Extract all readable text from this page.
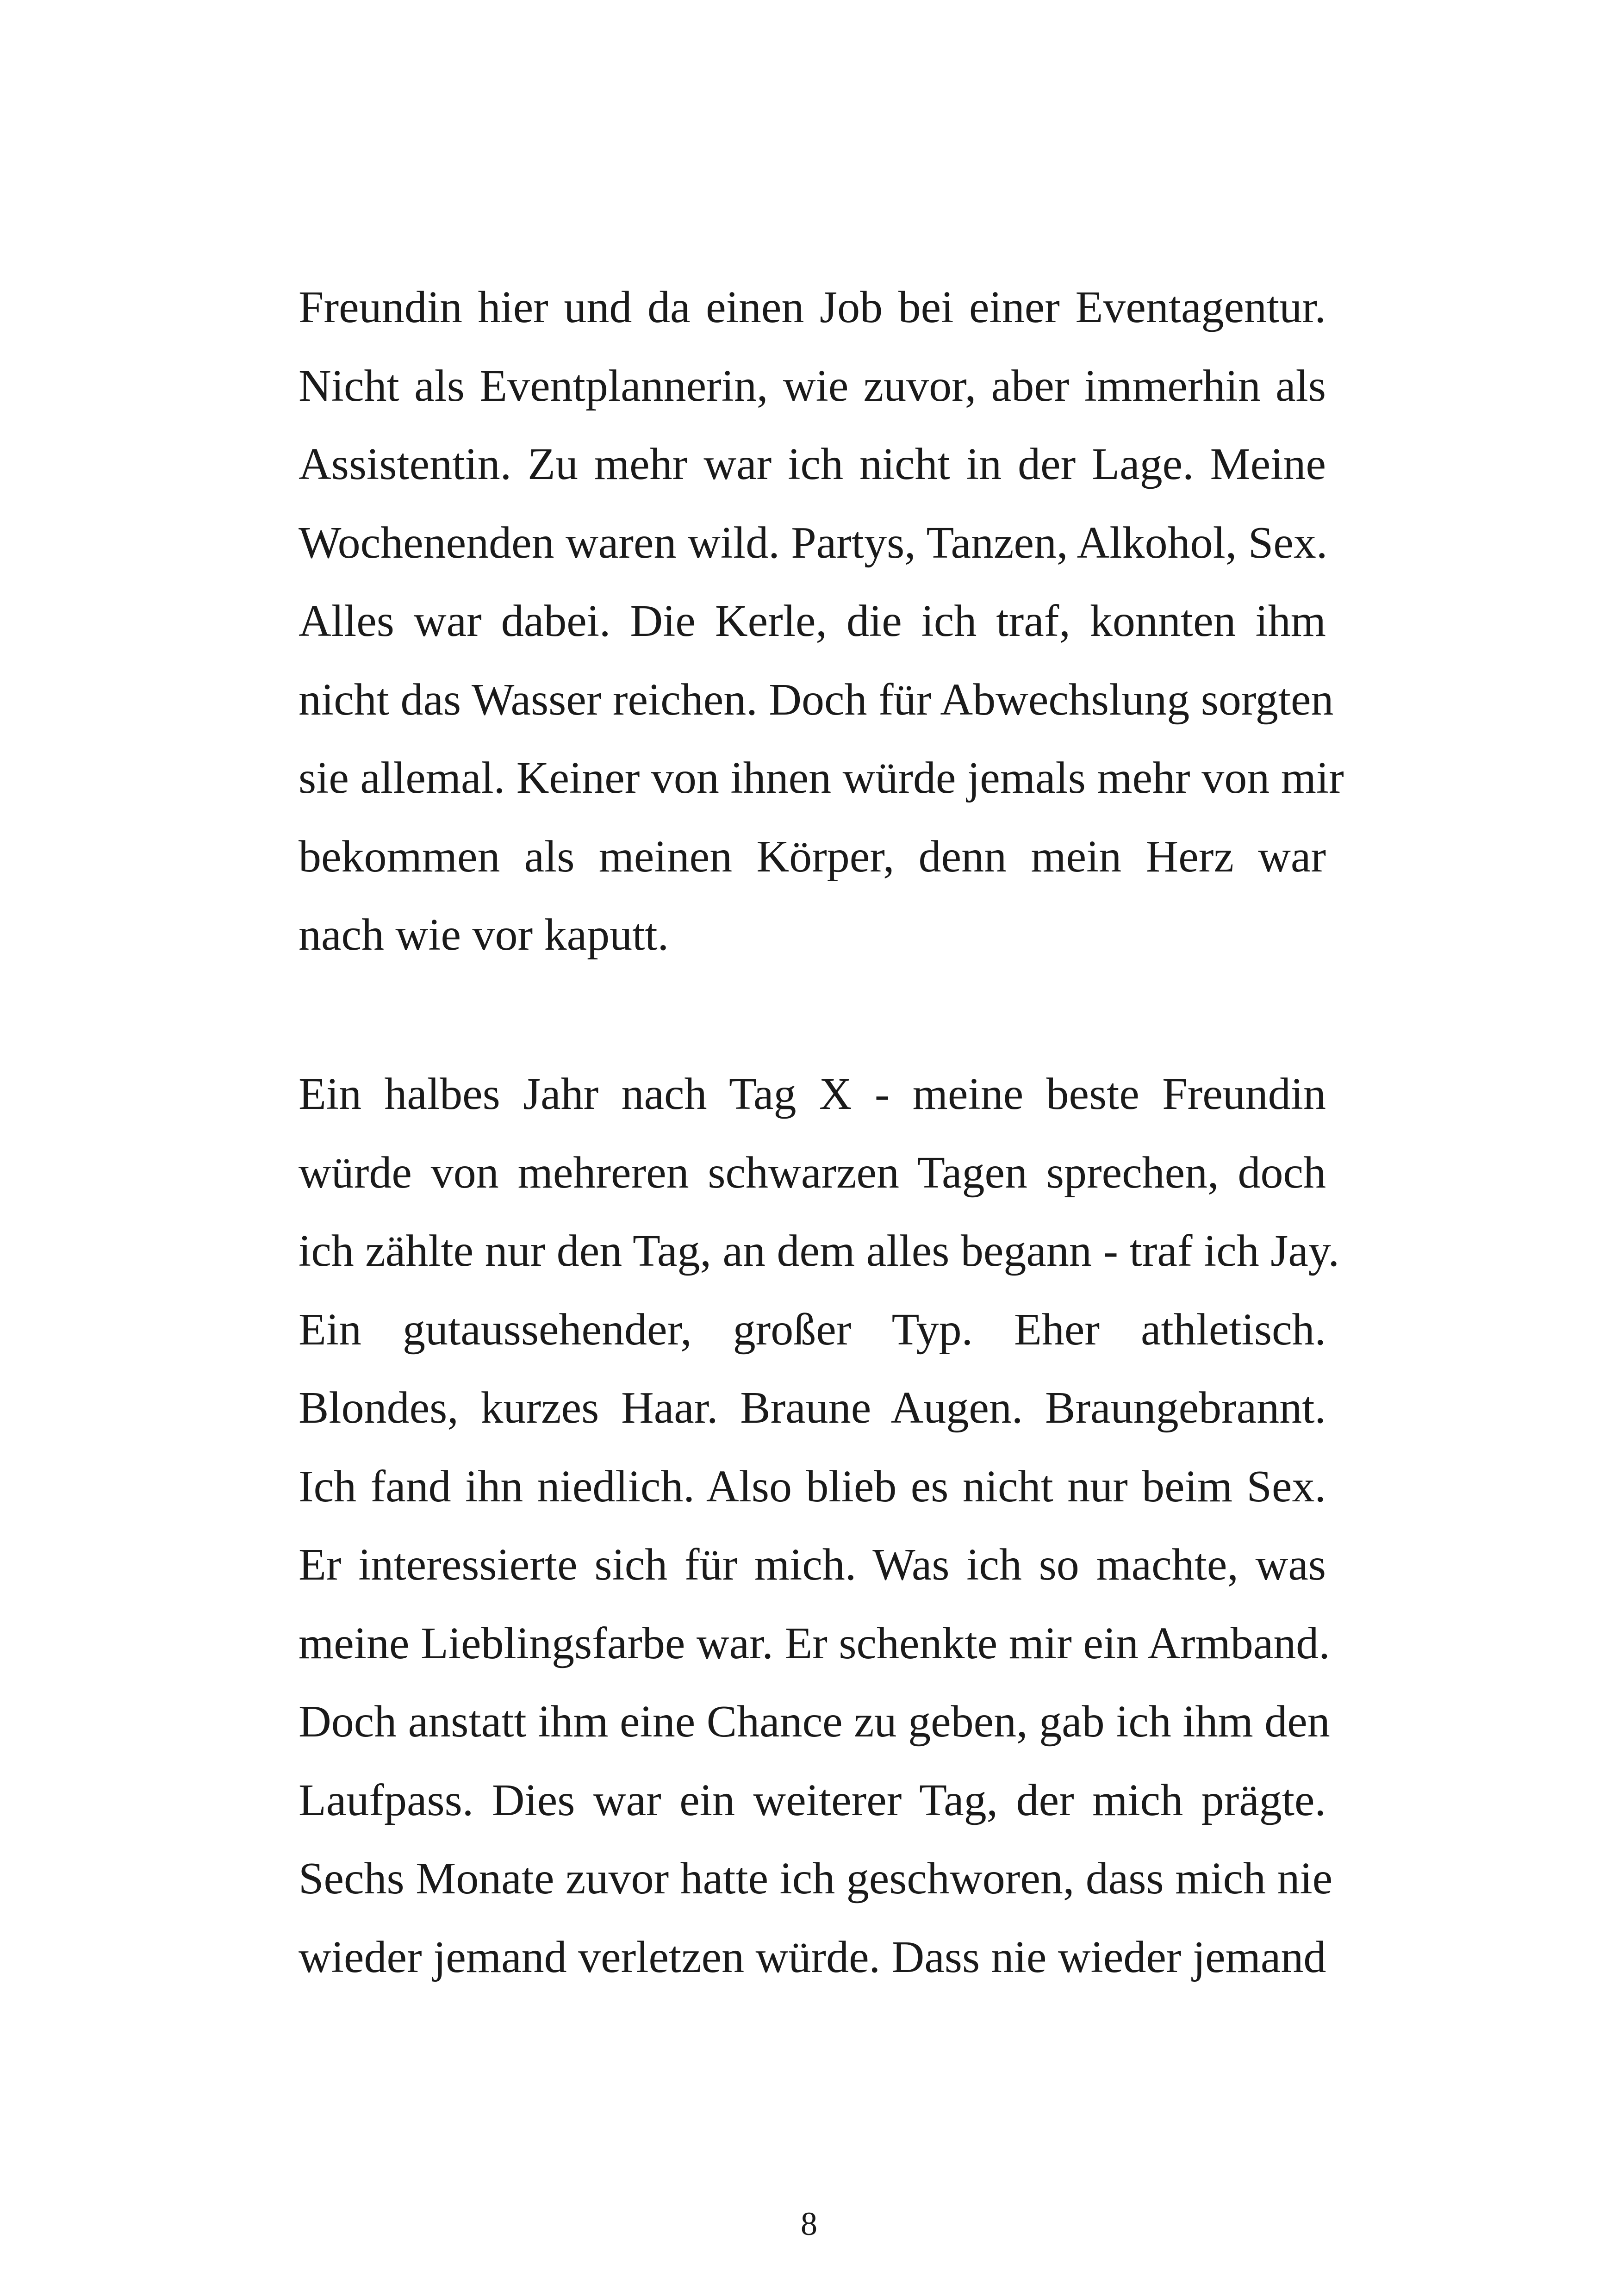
Freundin hier und da einen Job bei einer Eventagentur.
Nicht als Eventplannerin, wie zuvor, aber immerhin als
Assistentin. Zu mehr war ich nicht in der Lage. Meine
Wochenenden waren wild. Partys, Tanzen, Alkohol, Sex.
Alles war dabei. Die Kerle, die ich traf, konnten ihm
nicht das Wasser reichen. Doch für Abwechslung sorgten
sie allemal. Keiner von ihnen würde jemals mehr von mir
bekommen als meinen Körper, denn mein Herz war
nach wie vor kaputt.
Ein halbes Jahr nach Tag X - meine beste Freundin
würde von mehreren schwarzen Tagen sprechen, doch
ich zählte nur den Tag, an dem alles begann - traf ich Jay.
Ein gutaussehender, großer Typ. Eher athletisch.
Blondes, kurzes Haar. Braune Augen. Braungebrannt.
Ich fand ihn niedlich. Also blieb es nicht nur beim Sex.
Er interessierte sich für mich. Was ich so machte, was
meine Lieblingsfarbe war. Er schenkte mir ein Armband.
Doch anstatt ihm eine Chance zu geben, gab ich ihm den
Laufpass. Dies war ein weiterer Tag, der mich prägte.
Sechs Monate zuvor hatte ich geschworen, dass mich nie
wieder jemand verletzen würde. Dass nie wieder jemand
8
